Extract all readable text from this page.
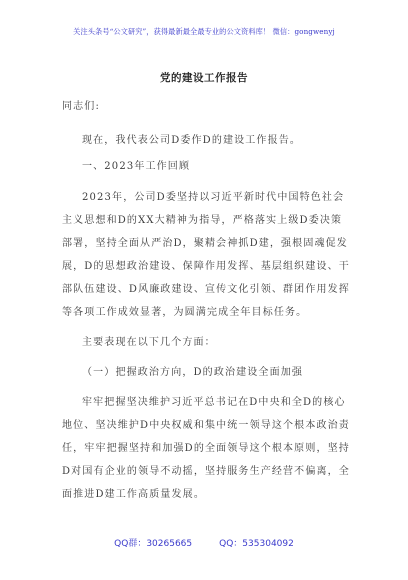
关注头条号“公文研究”，获得最新最全最专业的公文资料库！ 微信：gongwenyj
党的建设工作报告
同志们:
现在，我代表公司D委作D的建设工作报告。
一、2023年工作回顾
2023年，公司D委坚持以习近平新时代中国特色社会
主义思想和D的XX大精神为指导，严格落实上级D委决策
部署，坚持全面从严治D，聚精会神抓D建，强根固魂促发
展，D的思想政治建设、保障作用发挥、基层组织建设、干
部队伍建设、D风廉政建设、宣传文化引领、群团作用发挥
等各项工作成效显著，为圆满完成全年目标任务。
主要表现在以下几个方面：
（一）把握政治方向，D的政治建设全面加强
牢牢把握坚决维护习近平总书记在D中央和全D的核心
地位、坚决维护D中央权威和集中统一领导这个根本政治责
任，牢牢把握坚持和加强D的全面领导这个根本原则，坚持
D对国有企业的领导不动摇，坚持服务生产经营不偏离，全
面推进D建工作高质量发展。
QQ群：30265665	QQ：535304092
